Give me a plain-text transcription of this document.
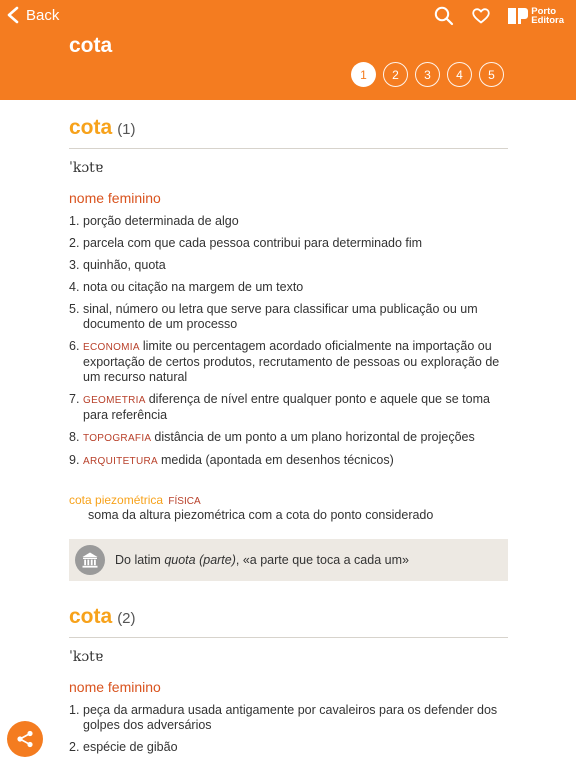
Back
cota
Porto
Editora
1	2	3	4	5
cota (1)
ˈkɔtɐ
nome feminino
1. porção determinada de algo
2. parcela com que cada pessoa contribui para determinado fim
3. quinhão, quota
4. nota ou citação na margem de um texto
5. sinal, número ou letra que serve para classificar uma publicação ou um documento de um processo
6. ECONOMIA limite ou percentagem acordado oficialmente na importação ou exportação de certos produtos, recrutamento de pessoas ou exploração de um recurso natural
7. GEOMETRIA diferença de nível entre qualquer ponto e aquele que se toma para referência
8. TOPOGRAFIA distância de um ponto a um plano horizontal de projeções
9. ARQUITETURA medida (apontada em desenhos técnicos)
cota piezométrica FÍSICA
soma da altura piezométrica com a cota do ponto considerado
Do latim quota (parte), «a parte que toca a cada um»
cota (2)
ˈkɔtɐ
nome feminino
1. peça da armadura usada antigamente por cavaleiros para os defender dos golpes dos adversários
2. espécie de gibão
